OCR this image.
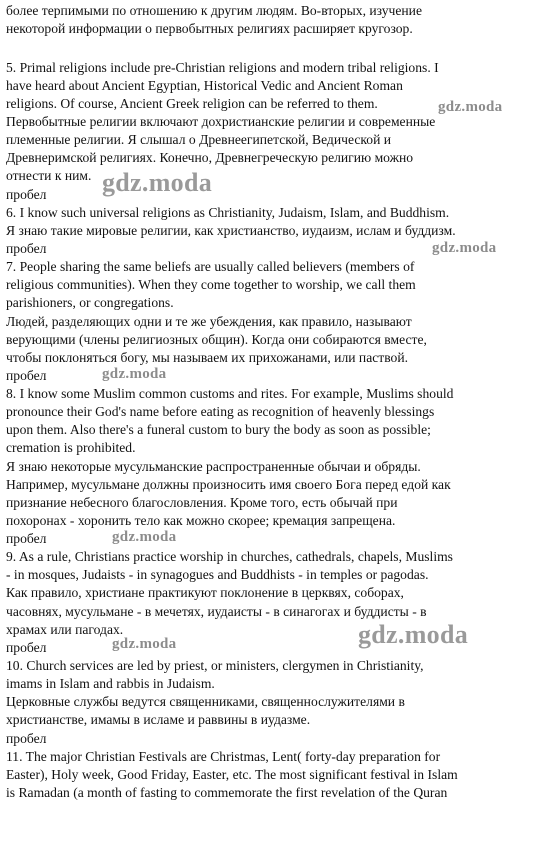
более терпимыми по отношению к другим людям. Во-вторых, изучение
некоторой информации о первобытных религиях расширяет кругозор.
5. Primal religions include pre-Christian religions and modern tribal religions. I
have heard about Ancient Egyptian, Historical Vedic and Ancient Roman
religions. Of course, Ancient Greek religion can be referred to them.
Первобытные религии включают дохристианские религии и современные
племенные религии. Я слышал о Древнеегипетской, Ведической и
Древнеримской религиях. Конечно, Древнегреческую религию можно
отнести к ним.
пробел
6. I know such universal religions as Christianity, Judaism, Islam, and Buddhism.
Я знаю такие мировые религии, как христианство, иудаизм, ислам и буддизм.
пробел
7. People sharing the same beliefs are usually called believers (members of
religious communities). When they come together to worship, we call them
parishioners, or congregations.
Людей, разделяющих одни и те же убеждения, как правило, называют
верующими (члены религиозных общин). Когда они собираются вместе,
чтобы поклоняться богу, мы называем их прихожанами, или паствой.
пробел
8. I know some Muslim common customs and rites. For example, Muslims should
pronounce their God's name before eating as recognition of heavenly blessings
upon them. Also there's a funeral custom to bury the body as soon as possible;
cremation is prohibited.
Я знаю некоторые мусульманские распространенные обычаи и обряды.
Например, мусульмане должны произносить имя своего Бога перед едой как
признание небесного благословления. Кроме того, есть обычай при
похоронах - хоронить тело как можно скорее; кремация запрещена.
пробел
9. As a rule, Christians practice worship in churches, cathedrals, chapels, Muslims
- in mosques, Judaists - in synagogues and Buddhists - in temples or pagodas.
Как правило, христиане практикуют поклонение в церквях, соборах,
часовнях, мусульмане - в мечетях, иудаисты - в синагогах и буддисты - в
храмах или пагодах.
пробел
10. Church services are led by priest, or ministers, clergymen in Christianity,
imams in Islam and rabbis in Judaism.
Церковные службы ведутся священниками, священнослужителями в
христианстве, имамы в исламе и раввины в иудазме.
пробел
11. The major Christian Festivals are Christmas, Lent( forty-day preparation for
Easter), Holy week, Good Friday, Easter, etc. The most significant festival in Islam
is Ramadan (a month of fasting to commemorate the first revelation of the Quran
gdz.moda
gdz.moda
gdz.moda
gdz.moda
gdz.moda
gdz.moda
gdz.moda
